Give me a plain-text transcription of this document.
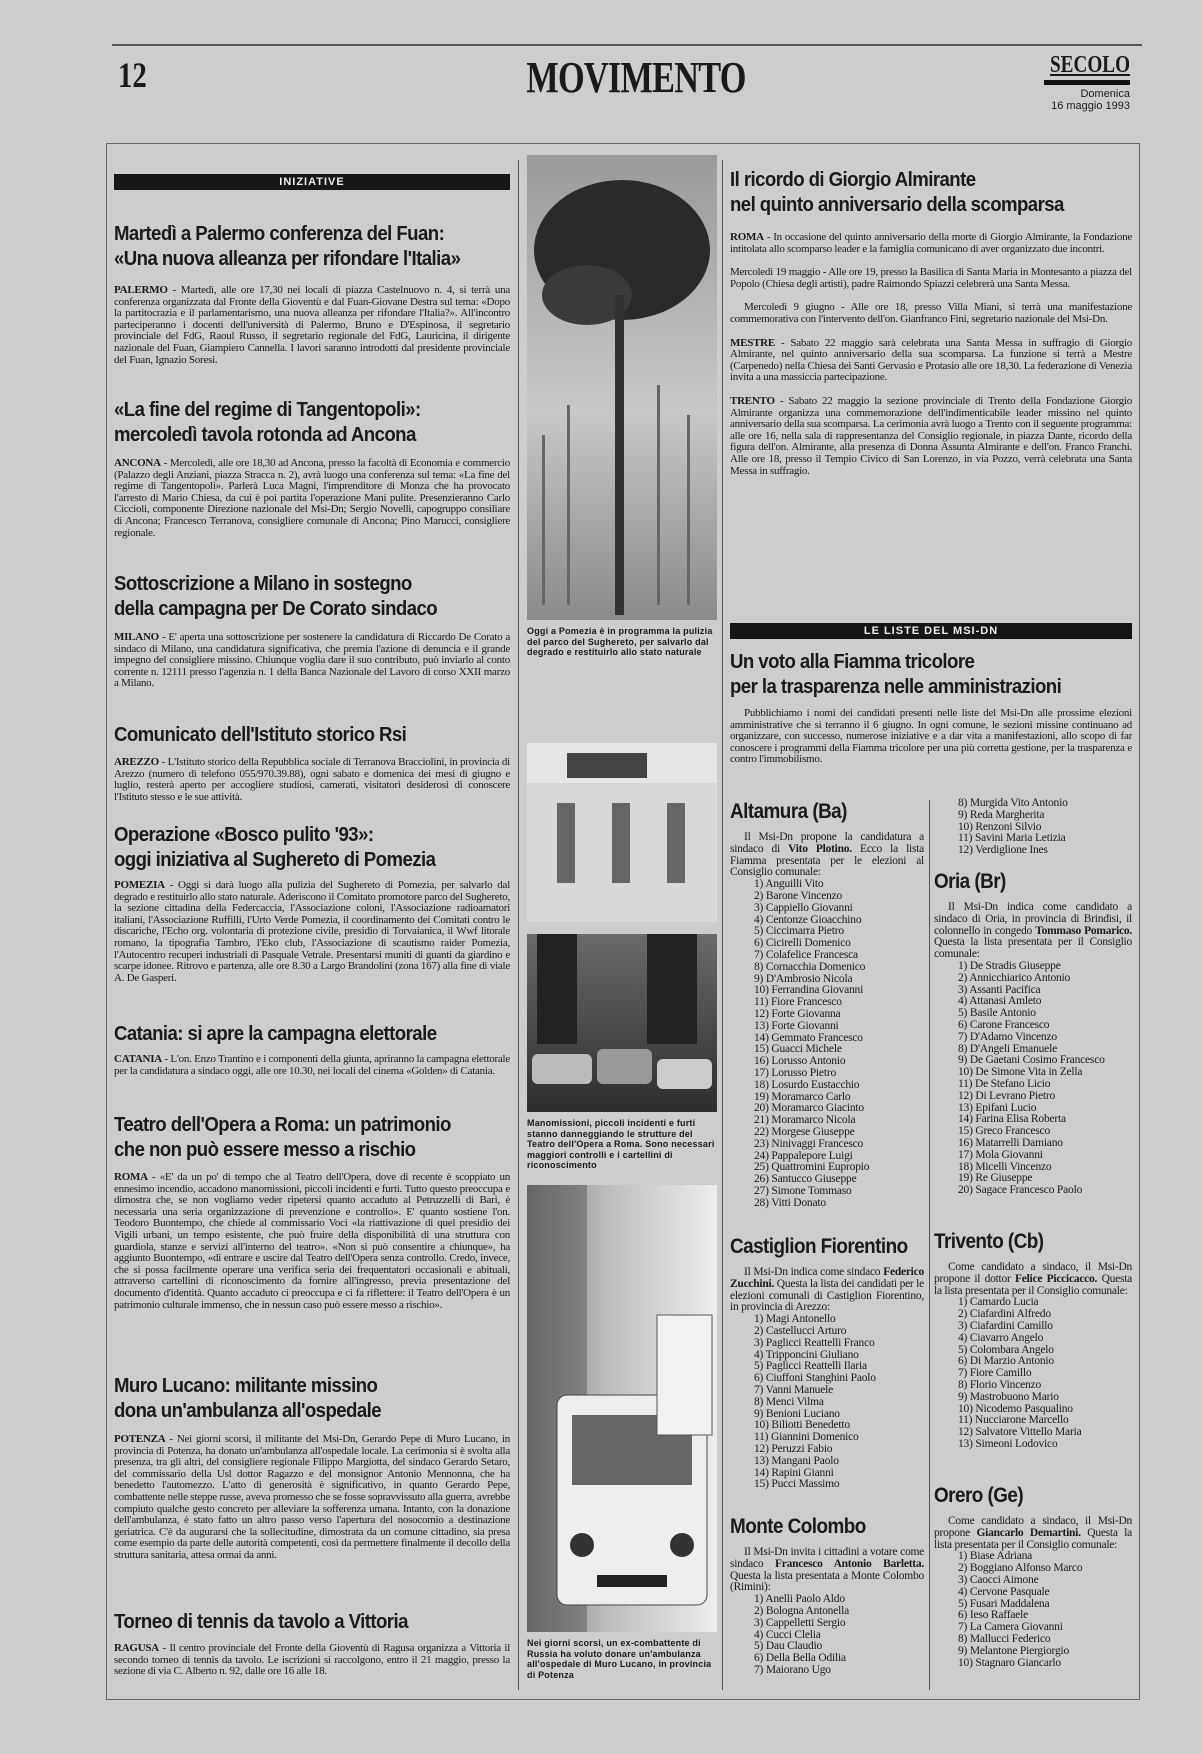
12	MOVIMENTO	SECOLO
Domenica
16 maggio 1993
INIZIATIVE
Martedì a Palermo conferenza del Fuan:
«Una nuova alleanza per rifondare l'Italia»

PALERMO - Martedì, alle ore 17,30 nei locali di piazza Castelnuovo n. 4, si terrà una conferenza organizzata dal Fronte della Gioventù e dal Fuan-Giovane Destra sul tema: «Dopo la partitocrazia e il parlamentarismo, una nuova alleanza per rifondare l'Italia?». All'incontro parteciperanno i docenti dell'università di Palermo, Bruno e D'Espinosa, il segretario provinciale del FdG, Raoul Russo, il segretario regionale del FdG, Lauricina, il dirigente nazionale del Fuan, Giampiero Cannella. I lavori saranno introdotti dal presidente provinciale del Fuan, Ignazio Soresi.

«La fine del regime di Tangentopoli»:
mercoledì tavola rotonda ad Ancona

ANCONA - Mercoledì, alle ore 18,30 ad Ancona, presso la facoltà di Economia e commercio (Palazzo degli Anziani, piazza Stracca n. 2), avrà luogo una conferenza sul tema: «La fine del regime di Tangentopoli». Parlerà Luca Magni, l'imprenditore di Monza che ha provocato l'arresto di Mario Chiesa, da cui è poi partita l'operazione Mani pulite. Presenzieranno Carlo Ciccioli, componente Direzione nazionale del Msi-Dn; Sergio Novelli, capogruppo consiliare di Ancona; Francesco Terranova, consigliere comunale di Ancona; Pino Marucci, consigliere regionale.

Sottoscrizione a Milano in sostegno
della campagna per De Corato sindaco

MILANO - E' aperta una sottoscrizione per sostenere la candidatura di Riccardo De Corato a sindaco di Milano, una candidatura significativa, che premia l'azione di denuncia e il grande impegno del consigliere missino. Chiunque voglia dare il suo contributo, può inviarlo al conto corrente n. 12111 presso l'agenzia n. 1 della Banca Nazionale del Lavoro di corso XXII marzo a Milano.

Comunicato dell'Istituto storico Rsi

AREZZO - L'Istituto storico della Repubblica sociale di Terranova Bracciolini, in provincia di Arezzo (numero di telefono 055/970.39.88), ogni sabato e domenica dei mesi di giugno e luglio, resterà aperto per accogliere studiosi, camerati, visitatori desiderosi di conoscere l'Istituto stesso e le sue attività.

Operazione «Bosco pulito '93»:
oggi iniziativa al Sughereto di Pomezia

POMEZIA - Oggi si darà luogo alla pulizia del Sughereto di Pomezia, per salvarlo dal degrado e restituirlo allo stato naturale. Aderiscono il Comitato promotore parco del Sughereto, la sezione cittadina della Federcaccia, l'Associazione coloni, l'Associazione radioamatori italiani, l'Associazione Ruffilli, l'Urto Verde Pomezia, il coordinamento dei Comitati contro le discariche, l'Echo org. volontaria di protezione civile, presidio di Torvaianica, il Wwf litorale romano, la tipografia Tambro, l'Eko club, l'Associazione di scautismo raider Pomezia, l'Autocentro recuperi industriali di Pasquale Vetrale. Presentarsi muniti di guanti da giardino e scarpe idonee. Ritrovo e partenza, alle ore 8.30 a Largo Brandolini (zona 167) alla fine di viale A. De Gasperi.

Catania: si apre la campagna elettorale

CATANIA - L'on. Enzo Trantino e i componenti della giunta, apriranno la campagna elettorale per la candidatura a sindaco oggi, alle ore 10.30, nei locali del cinema «Golden» di Catania.

Teatro dell'Opera a Roma: un patrimonio
che non può essere messo a rischio

ROMA - «E' da un po' di tempo che al Teatro dell'Opera, dove di recente è scoppiato un ennesimo incendio, accadono manomissioni, piccoli incidenti e furti. Tutto questo preoccupa e dimostra che, se non vogliamo veder ripetersi quanto accaduto al Petruzzelli di Bari, è necessaria una seria organizzazione di prevenzione e controllo». E' quanto sostiene l'on. Teodoro Buontempo, che chiede al commissario Voci «la riattivazione di quel presidio dei Vigili urbani, un tempo esistente, che può fruire della disponibilità di una struttura con guardiola, stanze e servizi all'interno del teatro». «Non si può consentire a chiunque», ha aggiunto Buontempo, «di entrare e uscire dal Teatro dell'Opera senza controllo. Credo, invece, che si possa facilmente operare una verifica seria dei frequentatori occasionali e abituali, attraverso cartellini di riconoscimento da fornire all'ingresso, previa presentazione del documento d'identità. Quanto accaduto ci preoccupa e ci fa riflettere: il Teatro dell'Opera è un patrimonio culturale immenso, che in nessun caso può essere messo a rischio».

Muro Lucano: militante missino
dona un'ambulanza all'ospedale

POTENZA - Nei giorni scorsi, il militante del Msi-Dn, Gerardo Pepe di Muro Lucano, in provincia di Potenza, ha donato un'ambulanza all'ospedale locale. La cerimonia si è svolta alla presenza, tra gli altri, del consigliere regionale Filippo Margiotta, del sindaco Gerardo Setaro, del commissario della Usl dottor Ragazzo e del monsignor Antonio Mennonna, che ha benedetto l'automezzo. L'atto di generosità è significativo, in quanto Gerardo Pepe, combattente nelle steppe russe, aveva promesso che se fosse sopravvissuto alla guerra, avrebbe compiuto qualche gesto concreto per alleviare la sofferenza umana. Intanto, con la donazione dell'ambulanza, è stato fatto un altro passo verso l'apertura del nosocomio a destinazione geriatrica. C'è da augurarsi che la sollecitudine, dimostrata da un comune cittadino, sia presa come esempio da parte delle autorità competenti, così da permettere finalmente il decollo della struttura sanitaria, attesa ormai da anni.

Torneo di tennis da tavolo a Vittoria

RAGUSA - Il centro provinciale del Fronte della Gioventù di Ragusa organizza a Vittoria il secondo torneo di tennis da tavolo. Le iscrizioni si raccolgono, entro il 21 maggio, presso la sezione di via C. Alberto n. 92, dalle ore 16 alle 18.

Oggi a Pomezia è in programma la pulizia del parco del Sughereto, per salvarlo dal degrado e restituirlo allo stato naturale
Manomissioni, piccoli incidenti e furti stanno danneggiando le strutture del Teatro dell'Opera a Roma. Sono necessari maggiori controlli e i cartellini di riconoscimento
Nei giorni scorsi, un ex-combattente di Russia ha voluto donare un'ambulanza all'ospedale di Muro Lucano, in provincia di Potenza
Il ricordo di Giorgio Almirante
nel quinto anniversario della scomparsa

ROMA - In occasione del quinto anniversario della morte di Giorgio Almirante, la Fondazione intitolata allo scomparso leader e la famiglia comunicano di aver organizzato due incontri.

Mercoledì 19 maggio - Alle ore 19, presso la Basilica di Santa Maria in Montesanto a piazza del Popolo (Chiesa degli artisti), padre Raimondo Spiazzi celebrerà una Santa Messa.

Mercoledì 9 giugno - Alle ore 18, presso Villa Miani, si terrà una manifestazione commemorativa con l'intervento dell'on. Gianfranco Fini, segretario nazionale del Msi-Dn.

MESTRE - Sabato 22 maggio sarà celebrata una Santa Messa in suffragio di Giorgio Almirante, nel quinto anniversario della sua scomparsa. La funzione si terrà a Mestre (Carpenedo) nella Chiesa dei Santi Gervasio e Protasio alle ore 18,30. La federazione di Venezia invita a una massiccia partecipazione.

TRENTO - Sabato 22 maggio la sezione provinciale di Trento della Fondazione Giorgio Almirante organizza una commemorazione dell'indimenticabile leader missino nel quinto anniversario della sua scomparsa. La cerimonia avrà luogo a Trento con il seguente programma: alle ore 16, nella sala di rappresentanza del Consiglio regionale, in piazza Dante, ricordo della figura dell'on. Almirante, alla presenza di Donna Assunta Almirante e dell'on. Franco Franchi. Alle ore 18, presso il Tempio Civico di San Lorenzo, in via Pozzo, verrà celebrata una Santa Messa in suffragio.

LE LISTE DEL MSI-DN
Un voto alla Fiamma tricolore
per la trasparenza nelle amministrazioni

Pubblichiamo i nomi dei candidati presenti nelle liste del Msi-Dn alle prossime elezioni amministrative che si terranno il 6 giugno. In ogni comune, le sezioni missine continuano ad organizzare, con successo, numerose iniziative e a dar vita a manifestazioni, allo scopo di far conoscere i programmi della Fiamma tricolore per una più corretta gestione, per la trasparenza e contro l'immobilismo.

Altamura (Ba)

Il Msi-Dn propone la candidatura a sindaco di Vito Plotino. Ecco la lista Fiamma presentata per le elezioni al Consiglio comunale:

1) Anguilli Vito
2) Barone Vincenzo
3) Cappiello Giovanni
4) Centonze Gioacchino
5) Ciccimarra Pietro
6) Cicirelli Domenico
7) Colafelice Francesca
8) Cornacchia Domenico
9) D'Ambrosio Nicola
10) Ferrandina Giovanni
11) Fiore Francesco
12) Forte Giovanna
13) Forte Giovanni
14) Gemmato Francesco
15) Guacci Michele
16) Lorusso Antonio
17) Lorusso Pietro
18) Losurdo Eustacchio
19) Moramarco Carlo
20) Moramarco Giacinto
21) Moramarco Nicola
22) Morgese Giuseppe
23) Ninivaggi Francesco
24) Pappalepore Luigi
25) Quattromini Eupropio
26) Santucco Giuseppe
27) Simone Tommaso
28) Vitti Donato
8) Murgida Vito Antonio
9) Reda Margherita
10) Renzoni Silvio
11) Savini Maria Letizia
12) Verdiglione Ines
Oria (Br)

Il Msi-Dn indica come candidato a sindaco di Oria, in provincia di Brindisi, il colonnello in congedo Tommaso Pomarico. Questa la lista presentata per il Consiglio comunale:

1) De Stradis Giuseppe
2) Annicchiarico Antonio
3) Assanti Pacifica
4) Attanasi Amleto
5) Basile Antonio
6) Carone Francesco
7) D'Adamo Vincenzo
8) D'Angeli Emanuele
9) De Gaetani Cosimo Francesco
10) De Simone Vita in Zella
11) De Stefano Licio
12) Di Levrano Pietro
13) Epifani Lucio
14) Farina Elisa Roberta
15) Greco Francesco
16) Matarrelli Damiano
17) Mola Giovanni
18) Micelli Vincenzo
19) Re Giuseppe
20) Sagace Francesco Paolo
Castiglion Fiorentino

Il Msi-Dn indica come sindaco Federico Zucchini. Questa la lista dei candidati per le elezioni comunali di Castiglion Fiorentino, in provincia di Arezzo:

1) Magi Antonello
2) Castellucci Arturo
3) Paglicci Reattelli Franco
4) Tripponcini Giuliano
5) Paglicci Reattelli Ilaria
6) Ciuffoni Stanghini Paolo
7) Vanni Manuele
8) Menci Vilma
9) Benioni Luciano
10) Biliotti Benedetto
11) Giannini Domenico
12) Peruzzi Fabio
13) Mangani Paolo
14) Rapini Gianni
15) Pucci Massimo
Trivento (Cb)

Come candidato a sindaco, il Msi-Dn propone il dottor Felice Piccicacco. Questa la lista presentata per il Consiglio comunale:

1) Camardo Lucia
2) Ciafardini Alfredo
3) Ciafardini Camillo
4) Ciavarro Angelo
5) Colombara Angelo
6) Di Marzio Antonio
7) Fiore Camillo
8) Florio Vincenzo
9) Mastrobuono Mario
10) Nicodemo Pasqualino
11) Nucciarone Marcello
12) Salvatore Vittello Maria
13) Simeoni Lodovico
Monte Colombo

Il Msi-Dn invita i cittadini a votare come sindaco Francesco Antonio Barletta. Questa la lista presentata a Monte Colombo (Rimini):

1) Anelli Paolo Aldo
2) Bologna Antonella
3) Cappelletti Sergio
4) Cucci Clelia
5) Dau Claudio
6) Della Bella Odilia
7) Maiorano Ugo
Orero (Ge)

Come candidato a sindaco, il Msi-Dn propone Giancarlo Demartini. Questa la lista presentata per il Consiglio comunale:

1) Biase Adriana
2) Boggiano Alfonso Marco
3) Caocci Aimone
4) Cervone Pasquale
5) Fusari Maddalena
6) Ieso Raffaele
7) La Camera Giovanni
8) Mallucci Federico
9) Melantone Piergiorgio
10) Stagnaro Giancarlo
